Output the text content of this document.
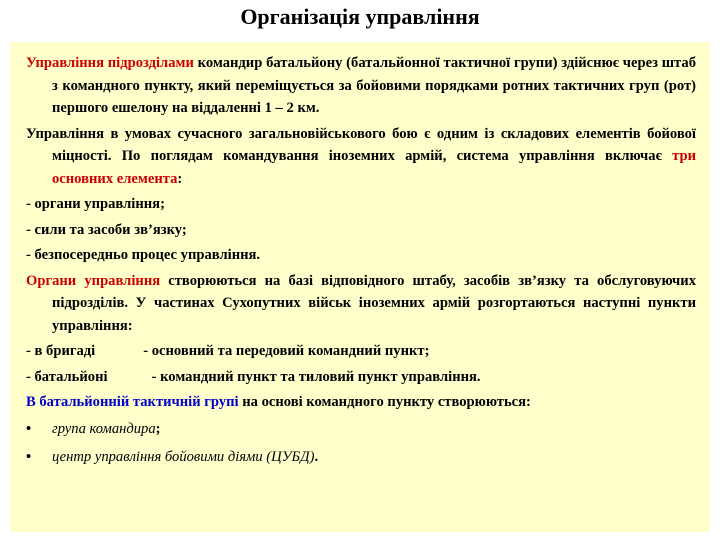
Організація управління

Управління підрозділами командир батальйону (батальйонної тактичної групи) здійснює через штаб з командного пункту, який переміщується за бойовими порядками ротних тактичних груп (рот) першого ешелону на віддаленні 1 – 2 км.

Управління в умовах сучасного загальновійськового бою є одним із складових елементів бойової міцності. По поглядам командування іноземних армій, система управління включає три основних елемента:

- органи управління;

- сили та засоби зв’язку;

- безпосередньо процес управління.

Органи управління створюються на базі відповідного штабу, засобів зв’язку та обслуговуючих підрозділів. У частинах Сухопутних військ іноземних армій розгортаються наступні пункти управління:

- в бригаді	- основний та передовий командний пункт;

- батальйоні	- командний пункт та тиловий пункт управління.

В батальйонній тактичній групі на основі командного пункту створюються:

• група командира;
• центр управління бойовими діями (ЦУБД).
